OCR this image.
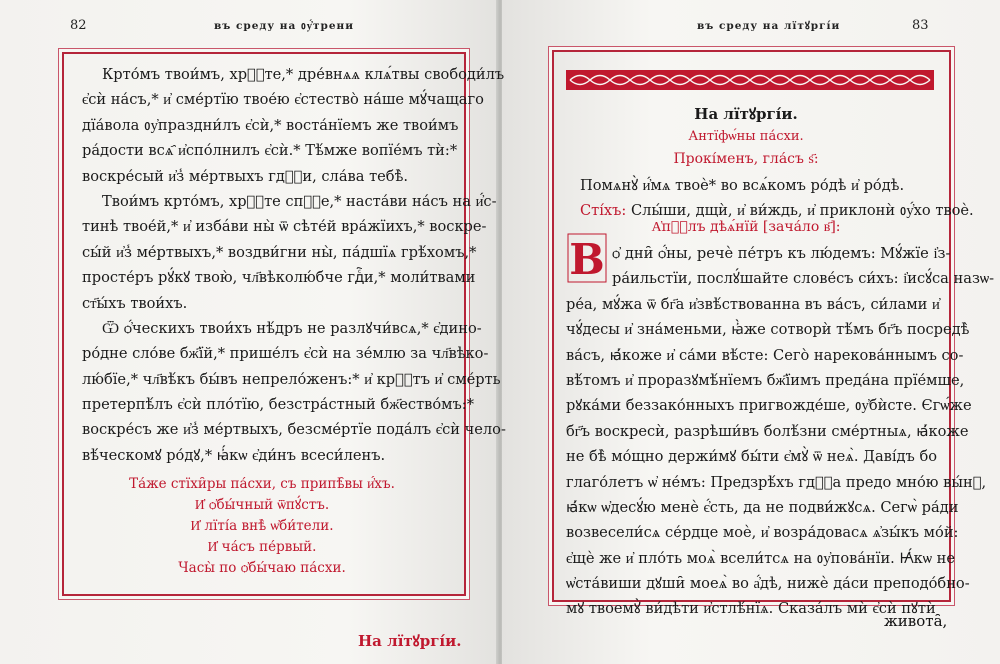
82	въ срeду на ᲂу҆́трени
Крто́мъ твои́мъ, хрⷭ҇те,* дре́внѧѧ клѧ́твы свободи́лъ
є҆сѝ на́съ,* и҆ сме́ртїю твое́ю є҆стество̀ на́ше мꙋ́чащаго
дїа́вола ᲂу҆праздни́лъ є҆сѝ,* воста́нїемъ же твои́мъ
ра́дости всѧ҄ и҆спо́лнилъ є҆сѝ.* Тѣ́мже вопїе́мъ тѝ:*
воскре́сый и҆з̾ ме́ртвыхъ гдⷭ҇и, сла́ва тебѣ̀.
Твои́мъ крто́мъ, хрⷭ҇те спⷭ҇е,* наста́ви на́съ на и҆́с-
тинѣ твое́й,* и҆ избáви ны̀ ѿ сѣте́й вра́жїихъ,* воскре-
сы́й и҆з̾ ме́ртвыхъ,* воздви́гни ны̀, па́дшїѧ грѣ́хомъ,*
просте́ръ рꙋ́кꙋ твою̀, чл҃вѣколю́бче гдⷭ҇и,* моли́твами
ст҃ы́хъ твои́хъ.
Ѿ ѻ҆́ческихъ твои́хъ нѣ́дръ не разлꙋчи́всѧ,* є҆дино-
ро́дне сло́ве бж҃їй,* прише́лъ є҆сѝ на зе́млю за чл҃вѣко-
лю́бїе,* чл҃вѣ́къ бы́въ непрело́женъ:* и҆ крⷭ҇тъ и҆ сме́рть
претерпѣ́лъ є҆сѝ пло́тїю, безстра́стный бж҃ество́мъ:*
воскре́съ же и҆з̾ ме́ртвыхъ, безсме́ртїе пода́лъ є҆сѝ чело-
вѣ́ческомꙋ ро́дꙋ,* ꙗ҆́кѡ є҆ди́нъ всеси́ленъ.
Та́же стїхи̑ры па́схи, съ припѣ̑вы и҆́хъ.
И҆ ѻ҆бы́чный ѿпꙋ́стъ.
И҆ лїті́а внѣ̀ ѡ҆би́тели.
И҆ ча́съ пе́рвый.
Часы̀ по ѻ҆бы́чаю па́схи.
На лїтꙋргі́и.
въ срeду на лїтꙋргі́и	83
На лїтꙋргі́и.
Антїфѡ́ны па́схи.
Прокі́менъ, гла́съ ѕ҃:
Помѧнꙋ̀ и҆́мѧ твоѐ* во всѧ́комъ ро́дѣ и҆ ро́дѣ.
Сті́хъ: Слы́ши, дщѝ, и҆ ви́ждь, и҆ приклонѝ ᲂу҆́хо твоѐ.
А҆пⷭ҇лъ дѣѧ́нїй [зача́ло в҃]:
В ѻ҆ дни̑ ѻ҆́ны, речѐ пе́тръ къ лю́демъ: Мꙋ́жїе і҆з-
ра́ильстїи, послꙋ́шайте слове́съ си́хъ: і҆исꙋ́са назѡ-
ре́а, мꙋ́жа ѿ бг҃а и҆звѣ́ствованна въ ва́съ, си́лами и҆
чꙋ́десы и҆ зна́меньми, ꙗ҆̀же сотворѝ тѣ́мъ бг҃ъ посредѣ̀
ва́съ, ꙗ҆́коже и҆ са́ми вѣ́сте: Сего̀ нарекова́ннымъ со-
вѣ́томъ и҆ проразꙋмѣ́нїемъ бж҃їимъ преда́на прїе́мше,
рꙋка́ми беззако́нныхъ пригвожде́ше, ᲂу҆бѝсте. Єгѡ́же
бг҃ъ воскресѝ, разрѣши́въ болѣ́зни сме́ртныѧ, ꙗ҆́коже
не бѣ̀ мо́щно держи́мꙋ бы́ти є҆мꙋ̀ ѿ неѧ̀. Даві́дъ бо
глаго́летъ ѡ҆ не́мъ: Предзрѣ́хъ гдⷭ҇а предо мно́ю вы́нꙋ,
ꙗ҆́кѡ ѡ҆десꙋ́ю менѐ є҆́сть, да не подви́жꙋсѧ. Сегѡ̀ ра́ди
возвесели́сѧ се́рдце моѐ, и҆ возра́довасѧ ѧ҆зы́къ мо́й:
є҆щѐ же и҆ пло́ть моѧ̀ всели́тсѧ на ᲂу҆пова́нїи. Ꙗ҆́кѡ не
ѡ҆ста́виши дꙋши̑ моеѧ̀ во а҆́дѣ, нижѐ да́си преподо́бно-
мꙋ твоемꙋ̀ ви́дѣти и҆стлѣ́нїѧ. Сказа́лъ мѝ є҆сѝ пꙋтѝ
живота̑,
